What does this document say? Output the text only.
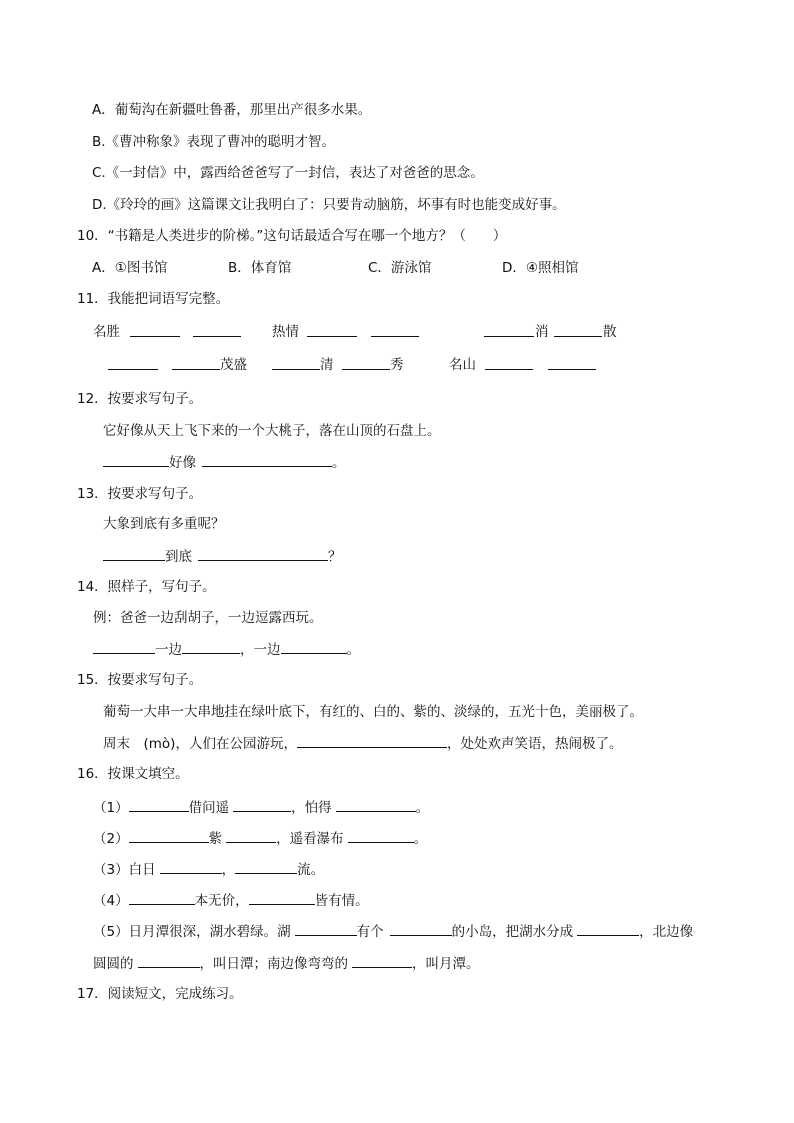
A．葡萄沟在新疆吐鲁番，那里出产很多水果。
B.《曹冲称象》表现了曹冲的聪明才智。
C.《一封信》中，露西给爸爸写了一封信，表达了对爸爸的思念。
D.《玲玲的画》这篇课文让我明白了：只要肯动脑筋，坏事有时也能变成好事。
10．“书籍是人类进步的阶梯。”这句话最适合写在哪一个地方？（　　）
A．①图书馆	B．体育馆	C．游泳馆	D．④照相馆
11．我能把词语写完整。
名胜	热情	消	散
茂盛	清	秀	名山
12．按要求写句子。
它好像从天上飞下来的一个大桃子，落在山顶的石盘上。
好像	。
13．按要求写句子。
大象到底有多重呢？
到底	？
14．照样子，写句子。
例：爸爸一边刮胡子，一边逗露西玩。
一边	，一边	。
15．按要求写句子。
葡萄一大串一大串地挂在绿叶底下，有红的、白的、紫的、淡绿的，五光十色，美丽极了。
周末　(mò)，人们在公园游玩，	，处处欢声笑语，热闹极了。
16．按课文填空。
（1）	借问遥	，怕得	。
（2）	紫	，遥看瀑布	。
（3）白日	，	流。
（4）	本无价，	皆有情。
（5）日月潭很深，湖水碧绿。湖	有个	的小岛，把湖水分成	，北边像
圆圆的	，叫日潭；南边像弯弯的	，叫月潭。
17．阅读短文，完成练习。
